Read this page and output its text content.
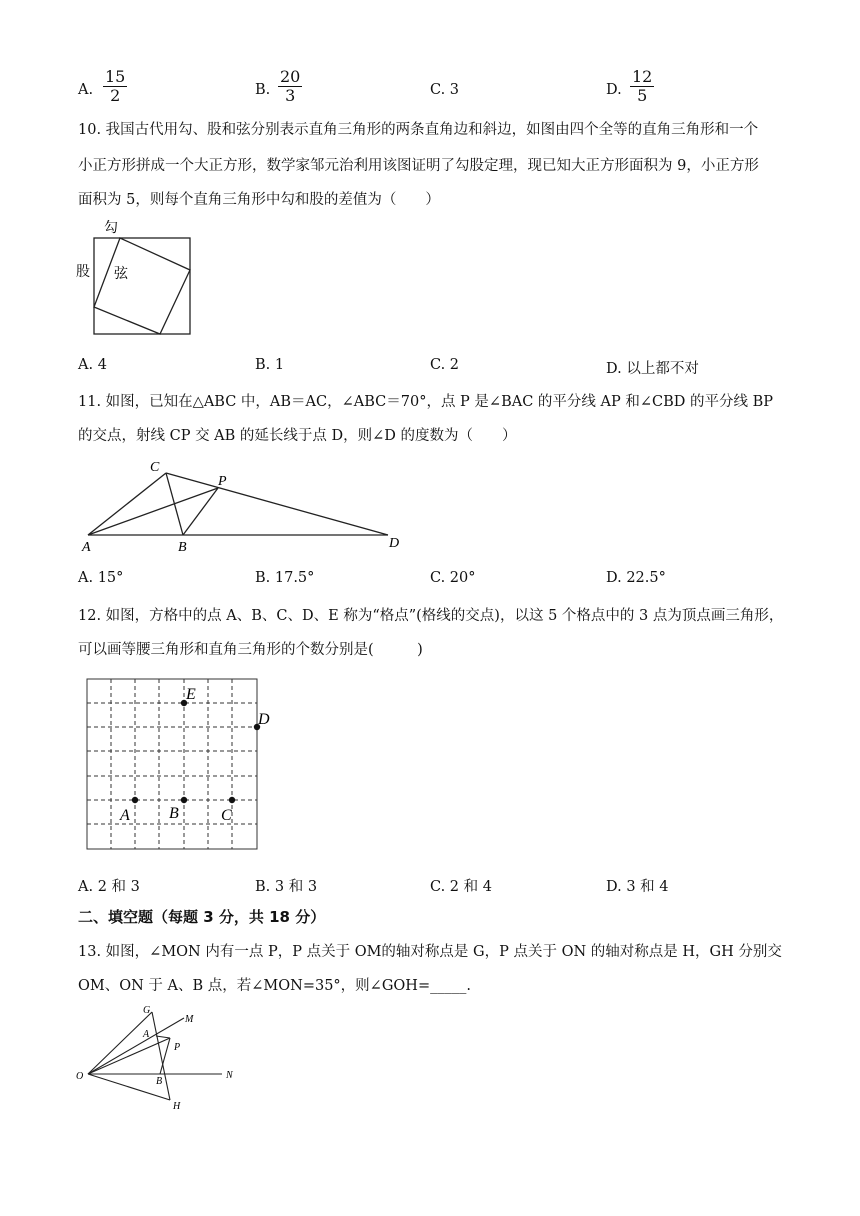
A. $\frac{15}{2}$	B. $\frac{20}{3}$	C. 3	D. $\frac{12}{5}$
10. 我国古代用勾、股和弦分别表示直角三角形的两条直角边和斜边，如图由四个全等的直角三角形和一个
小正方形拼成一个大正方形，数学家邹元治利用该图证明了勾股定理，现已知大正方形面积为 9，小正方形
面积为 5，则每个直角三角形中勾和股的差值为（　　）
勾
股 弦
A. 4	B. 1	C. 2	D. 以上都不对
11. 如图，已知在△ABC 中，AB＝AC，∠ABC＝70°，点 P 是∠BAC 的平分线 AP 和∠CBD 的平分线 BP
的交点，射线 CP 交 AB 的延长线于点 D，则∠D 的度数为（　　）
C
P
A	B	D
A. 15°	B. 17.5°	C. 20°	D. 22.5°
12. 如图，方格中的点 A、B、C、D、E 称为“格点”(格线的交点)，以这 5 个格点中的 3 点为顶点画三角形，
可以画等腰三角形和直角三角形的个数分别是(　　　)
E
D
A B	C
A. 2 和 3	B. 3 和 3	C. 2 和 4	D. 3 和 4
二、填空题（每题 3 分，共 18 分）
13. 如图，∠MON 内有一点 P，P 点关于 OM的轴对称点是 G，P 点关于 ON 的轴对称点是 H，GH 分别交
OM、ON 于 A、B 点，若∠MON=35°，则∠GOH=_____.
G
M
A
P
O	B
N
H
